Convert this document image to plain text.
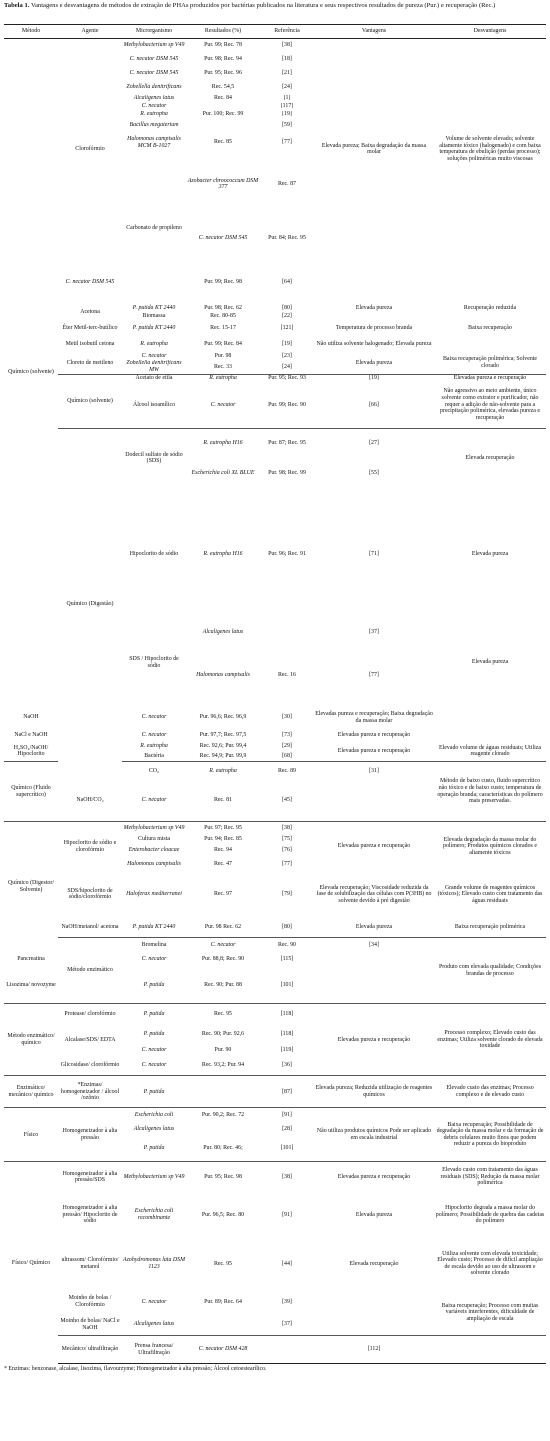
Tabela 1. Vantagens e desvantagens de métodos de extração de PHAs produzidos por bactérias publicados na literatura e seus respectivos resultados de pureza (Pur.) e recuperação (Rec.)
Método	Agente	Microrganismo	Resultados (%)	Referência	Vantagens	Desvantagens	
Químico (solvente)	Clorofórmio	Methylobacterium sp V49	Pur. 99; Rec. 78	[38]	Elevada pureza; Baixa degradação da massa molar	Volume de solvente elevado; solvente altamente tóxico (halogenado) e com baixa temperatura de ebulição (perdas processo); soluções poliméricas muito viscosas	
		C. necator DSM 545	Pur. 98; Rec. 94	[18]			
		C. necator DSM 545	Pur. 95; Rec. 96	[21]			
		Zobellella denitrificans	Rec. 54,5	[24]			
		Alcaligenes latus	Rec. 84	[1]			
		C. necator		[117]			
		R. eutropha	Pur. 100; Rec. 99	[19]			
		Bacillus megaterium		[59]			
		Halomonas campisalis MCM B-1027	Rec. 85	[77]			
		Carbonato de propileno	Azobacter chroococcum DSM 377	Rec. 87			
			C. necator DSM 545	Pur. 84; Rec. 95	
	C. necator DSM 545		Pur. 99; Rec. 98	[64]			
	Acetona	P. putida KT 2440	Pur. 98; Rec. 62	[80]	Elevada pureza	Recuperação reduzida	
		Biomassa	Rec. 80-85	[22]			
	Éter Metil-terc-butílico	P. putida KT 2440	Rec. 15-17	[121]	Temperatura de processo branda	Baixa recuperação	
	Metil isobutil cetona	R. eutropha	Pur. 99; Rec. 84	[19]	Não utiliza solvente halogenado; Elevada pureza		
	Cloreto de metileno	C. necator	Pur. 98	[23]	Elevada pureza	Baixa recuperação polimérica; Solvente clorado	
		Zobellella denitrificans MW	Rec. 33	[24]			
	Químico (solvente)	Acetato de etila	R. eutropha	Pur. 95; Rec. 93	[19]	Elevadas pureza e recuperação	
		Álcool isoamílico	C. necator	Pur. 99; Rec. 90	[66]	Não agressivo ao meio ambiente, único solvente como extrator e purificador, não requer a adição de não-solvente para a precipitação polimérica, elevadas pureza e recuperação	
	Químico (Digestão)	Dodecil sulfato de sódio (SDS)	R. eutropha H16	Pur. 87; Rec. 95	[27]	Elevada recuperação	
			Escherichia coli XL BLUE	Pur. 98; Rec. 99	[55]		
		Hipoclorito de sódio	R. eutropha H16	Pur. 96; Rec. 91	[71]	Elevada pureza	
		SDS / Hipoclorito de sódio	Alcaligenes latus		[37]	Elevada pureza	
			Halomonas campisalis	Rec. 16	[77]		
NaOH		C. necator	Pur. 96,6; Rec. 96,9	[30]	Elevadas pureza e recuperação; Baixa degradação da massa molar		
NaCl e NaOH		C. necator	Pur. 97,7; Rec. 97,5	[73]	Elevadas pureza e recuperação		
H₂SO₄/NaOH/ Hipoclorito		R. eutropha	Rec. 92,6; Pur. 99,4	[29]	Elevadas pureza e recuperação	Elevado volume de águas residuais; Utiliza reagente clorado	
		Bactéria	Rec. 94,9; Pur. 99,9	[68]			
Químico (Fluido supercrítico)		CO₂	R. eutropha	Rec. 89	[31]	Método de baixo custo, fluido supercrítico não tóxico e de baixo custo; temperatura de operação branda; características do polímero mais preservadas.	
	NaOH/CO₂	C. necator	Rec. 81	[45]			
Químico (Digestor/ Solvente)	Hipoclorito de sódio e clorofórmio	Methylobacterium sp V49	Pur. 97; Rec. 95	[38]	Elevadas pureza e recuperação	Elevada degradação da massa molar do polímero; Produtos químicos clorados e altamente tóxicos	
		Cultura mista	Pur. 94; Rec. 85	[75]			
		Enterobacter cloacae	Rec. 94	[76]			
		Halomonas campisalis	Rec. 47	[77]			
	SDS/hipoclorito de sódio/clorofórmio	Haloferax mediterranei	Rec. 97	[79]	Elevada recuperação; Viscosidade reduzida da fase de solubilização das células com P(3HB) no solvente devido à pré digestão	Grande volume de reagentes químicos (tóxicos); Elevado custo com tratamento das águas residuais	
	NaOH/metanol/ acetona	P. putida KT 2440	Pur. 98 Rec. 62	[80]	Elevada pureza	Baixa recuperação polimérica	
	Método enzimático	Bromelina	C. necator	Rec. 90	[34]	Produto com elevada qualidade; Condições brandas de processo	
Pancreatina		C. necator	Pur. 88,8; Rec. 90	[115]			
Lisozima/ novozyme		P. putida	Rec. 90; Pur. 88	[101]			
Método enzimático/ químico	Protease/ clorofórmio	P. putida	Rec. 95	[118]	Elevadas pureza e recuperação	Processo complexo; Elevado custo das enzimas; Utiliza solvente clorado de elevada toxidade	
	Alcalase/SDS/ EDTA	P. putida	Rec. 90; Pur. 92,6	[118]			
		C. necator	Pur. 90	[119]			
	Glicosidase/ clorofórmio	C. necator	Rec. 93,2; Pur. 94	[36]			
Enzimático/ mecânico/ químico	*Enzimas/ homogeneizador / álcool /ozônio	P. putida		[87]	Elevada pureza; Reduzida utilização de reagentes químicos	Elevado custo das enzimas; Processo complexo e de elevado custo	
Físico	Homogeneizador à alta pressão	Escherichia coli	Pur. 90,2; Rec. 72	[91]	Não utiliza produtos químicos Pode ser aplicado em escala industrial	Baixa recuperação; Possibilidade de degradação da massa molar e da formação de debris celulares muito finos que podem reduzir a pureza do bioproduto	
		Alcaligenes latus		[28]			
		P. putida	Pur. 80; Rec. 46;	[101]			
Físico/ Químico	Homogeneizador à alta pressão/SDS	Methylobacterium sp V49	Pur. 95; Rec. 98	[38]	Elevadas pureza e recuperação	Elevado custo com tratamento das águas residuais (SDS); Redução da massa molar polimérica	
	Homogeneizador à alta pressão/ Hipoclorito de sódio	Escherichia coli recombinante	Pur. 96,5; Rec. 80	[91]	Elevada pureza	Hipoclorito degrada a massa molar do polímero; Possibilidade de quebra das cadeias do polímero	
	ultrassom/ Clorofórmio/ metanol	Azohydromonas lata DSM 1123	Rec. 95	[44]	Elevada recuperação	Utiliza solvente com elevada toxicidade; Elevado custo; Processo de difícil ampliação de escala devido ao uso de ultrassom e solvente clorado	
	Moinho de bolas / Clorofórmio	C. necator	Pur. 89; Rec. 64	[39]		Baixa recuperação; Processo com muitas variáveis interferentes, dificuldade de ampliação de escala	
	Moinho de bolas/ NaCl e NaOH	Alcaligenes latus		[37]			
	Mecânico/ ultrafiltração	Prensa francesa/ Ultrafiltração	C. necator DSM 428		[112]		
* Enzimas: benzonase, alcalase, lisozima, flavourzyme; Homogeneizador à alta pressão; Álcool cetoestearílico.
